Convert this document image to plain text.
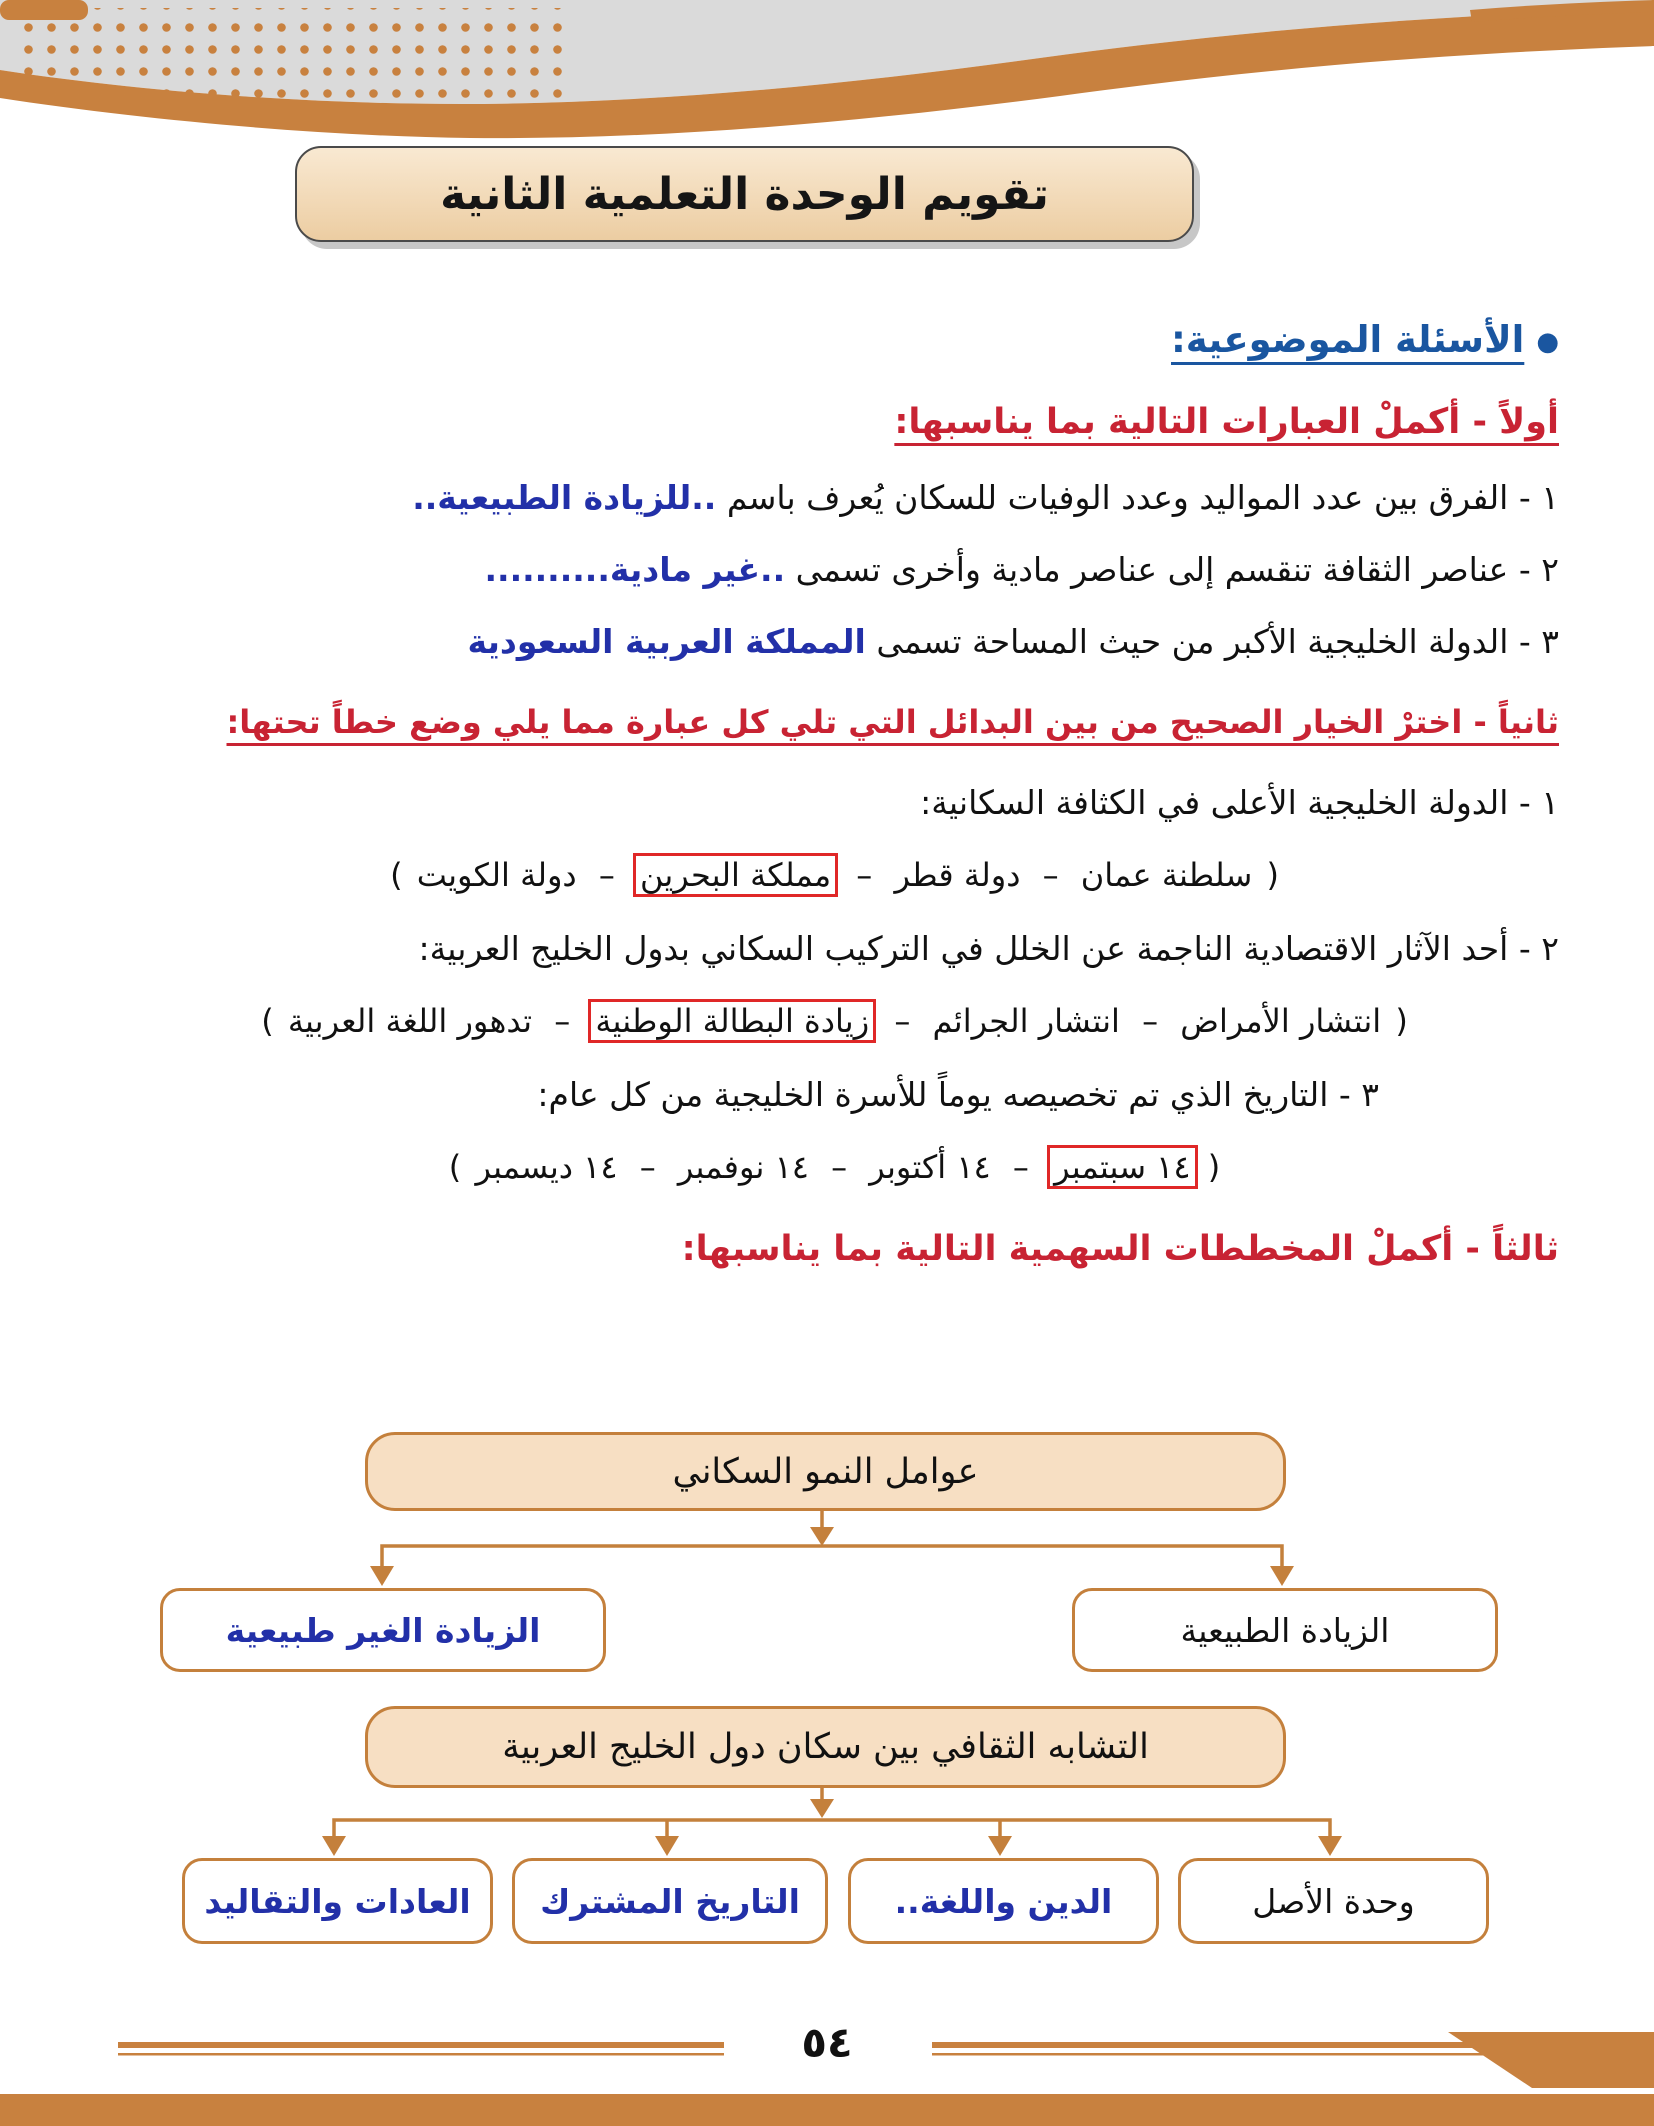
تقويم الوحدة التعلمية الثانية

●الأسئلة الموضوعية:

أولاً - أكملْ العبارات التالية بما يناسبها:

١ - الفرق بين عدد المواليد وعدد الوفيات للسكان يُعرف باسم ..للزيادة الطبيعية..

٢ - عناصر الثقافة تنقسم إلى عناصر مادية وأخرى تسمى ..غير مادية..........

٣ - الدولة الخليجية الأكبر من حيث المساحة تسمى المملكة العربية السعودية

ثانياً - اخترْ الخيار الصحيح من بين البدائل التي تلي كل عبارة مما يلي وضع خطاً تحتها:

١ - الدولة الخليجية الأعلى في الكثافة السكانية:

( سلطنة عمان – دولة قطر – مملكة البحرين – دولة الكويت )

٢ - أحد الآثار الاقتصادية الناجمة عن الخلل في التركيب السكاني بدول الخليج العربية:

( انتشار الأمراض – انتشار الجرائم – زيادة البطالة الوطنية – تدهور اللغة العربية )

٣ - التاريخ الذي تم تخصيصه يوماً للأسرة الخليجية من كل عام:

( ١٤ سبتمبر – ١٤ أكتوبر – ١٤ نوفمبر – ١٤ ديسمبر )

ثالثاً - أكملْ المخططات السهمية التالية بما يناسبها:

عوامل النمو السكاني
الزيادة الطبيعية
الزيادة الغير طبيعية
التشابه الثقافي بين سكان دول الخليج العربية
وحدة الأصل
الدين واللغة..
التاريخ المشترك
العادات والتقاليد
٥٤
